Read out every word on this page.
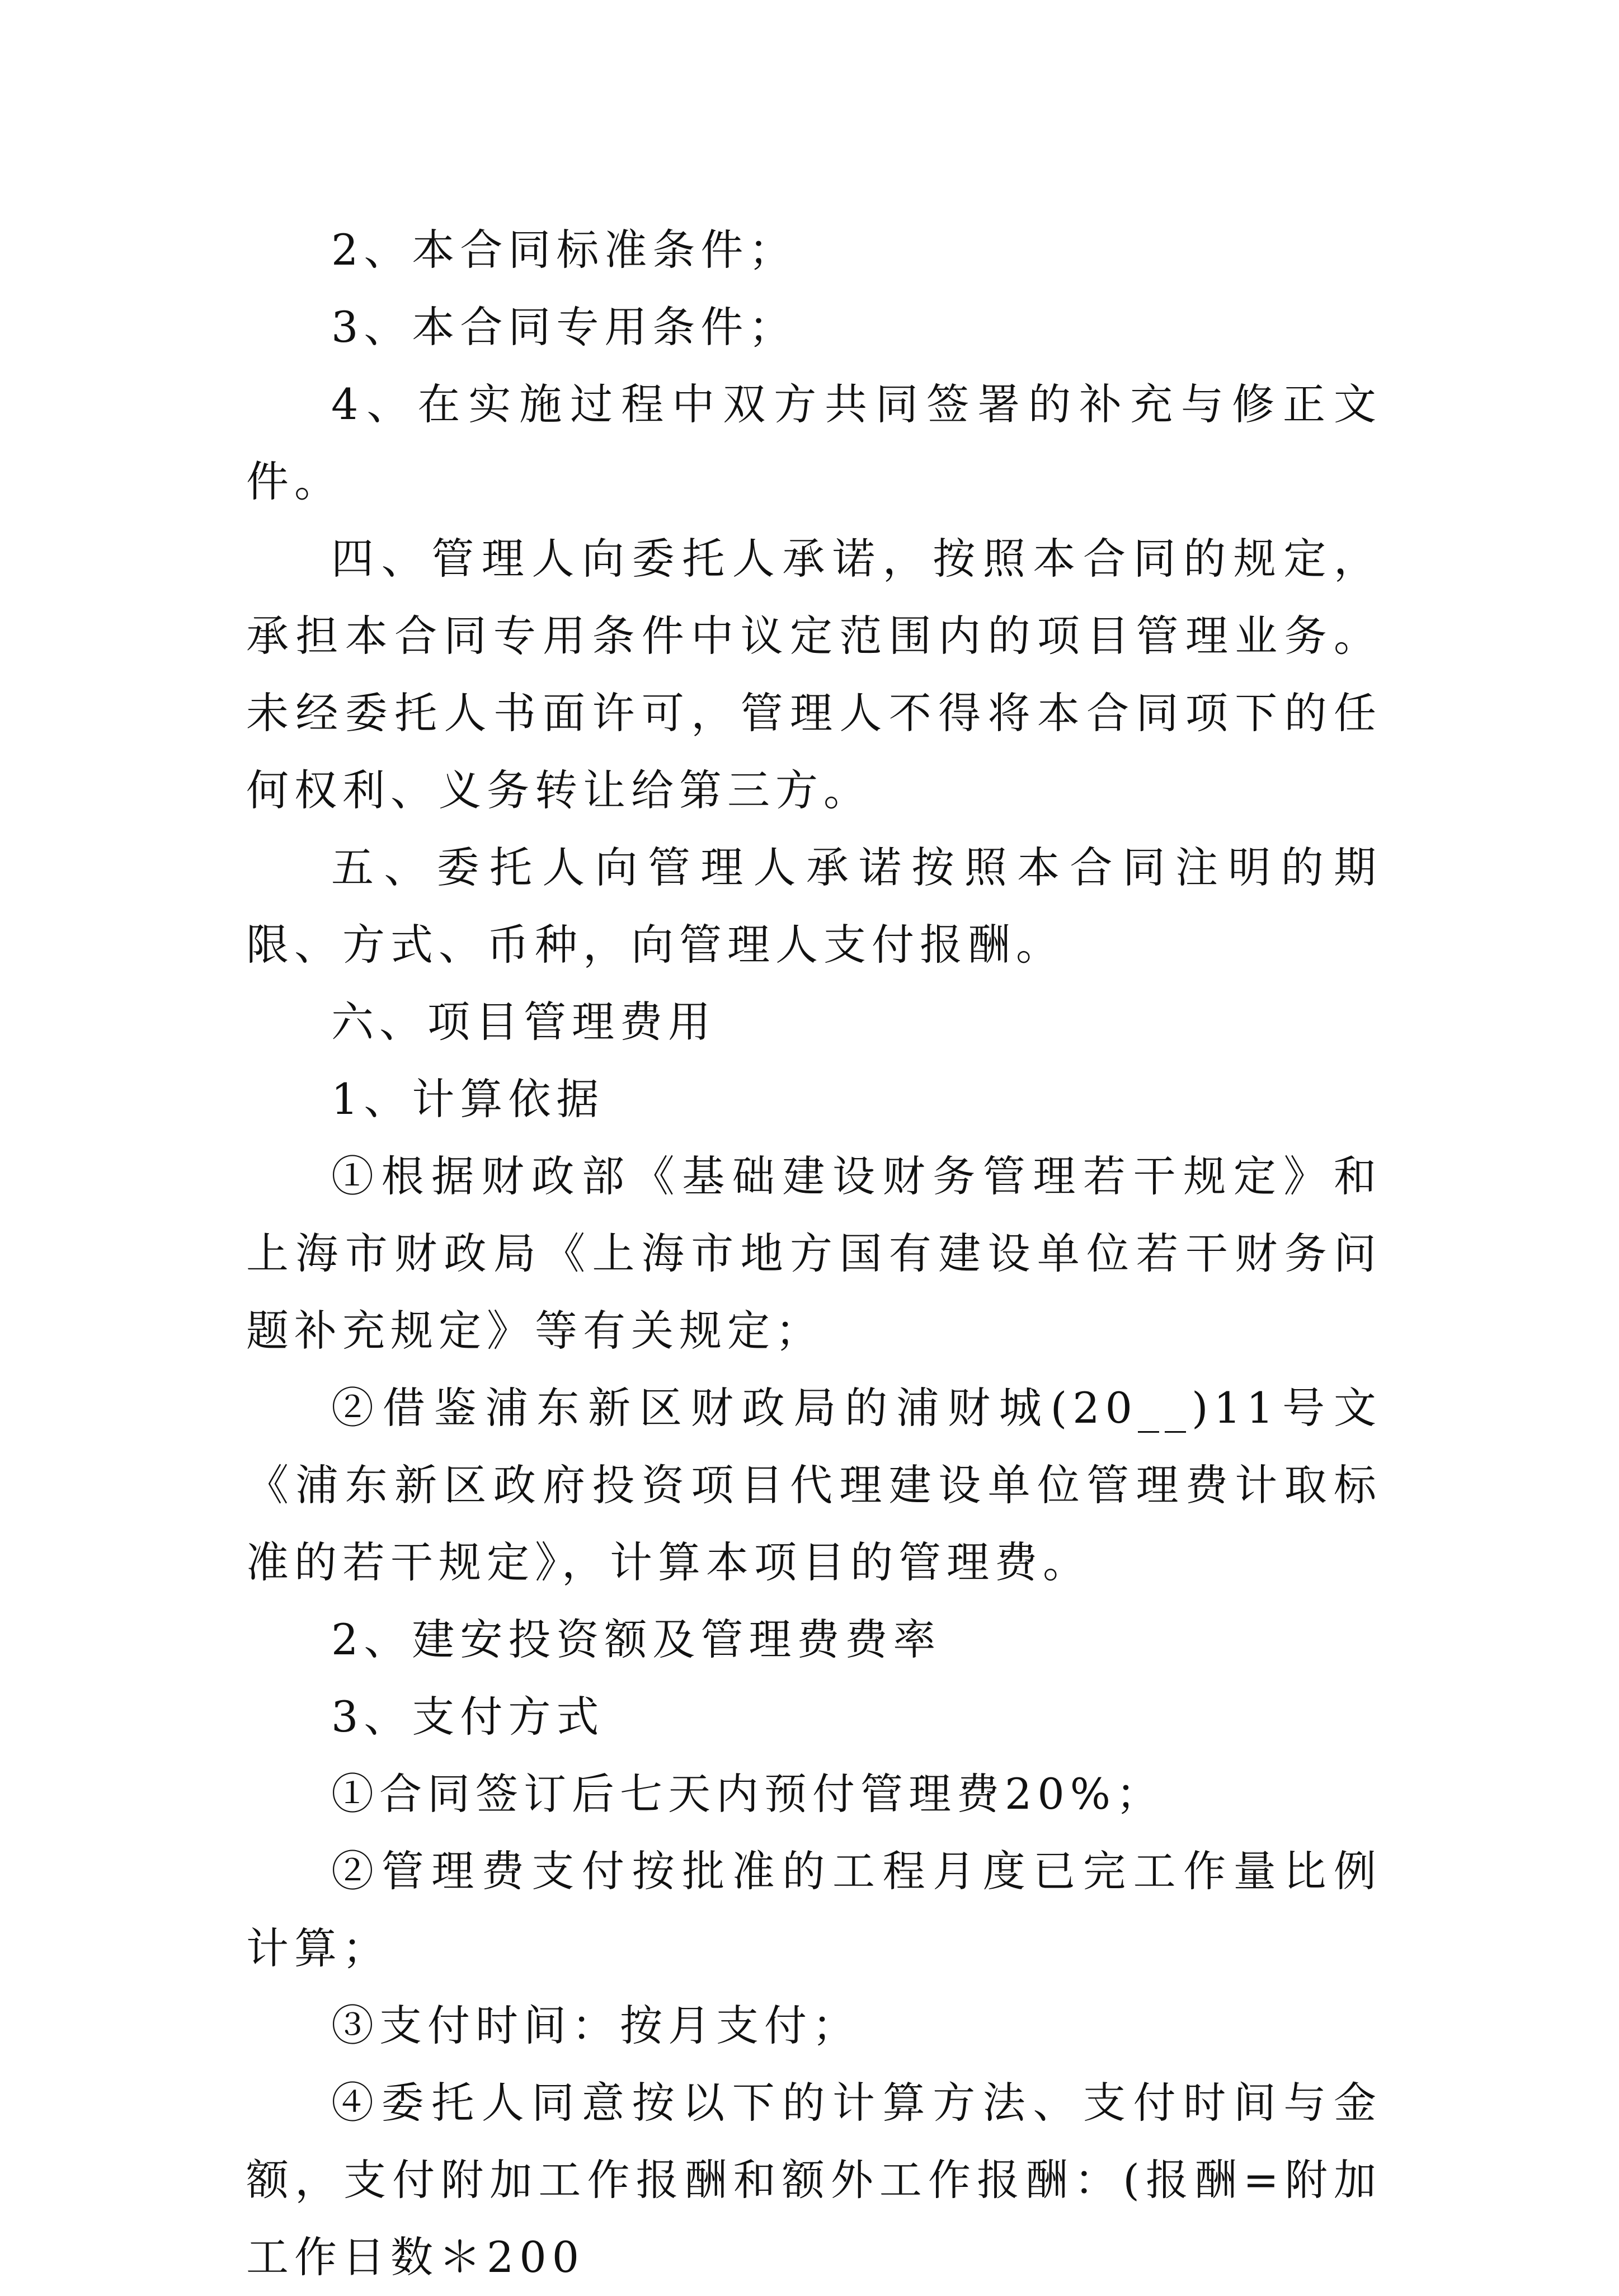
2、本合同标准条件；

3、本合同专用条件；

4、在实施过程中双方共同签署的补充与修正文件。

四、管理人向委托人承诺，按照本合同的规定，承担本合同专用条件中议定范围内的项目管理业务。未经委托人书面许可，管理人不得将本合同项下的任何权利、义务转让给第三方。

五、委托人向管理人承诺按照本合同注明的期限、方式、币种，向管理人支付报酬。

六、项目管理费用

1、计算依据

①根据财政部《基础建设财务管理若干规定》和上海市财政局《上海市地方国有建设单位若干财务问题补充规定》等有关规定；

②借鉴浦东新区财政局的浦财城(20__)11号文《浦东新区政府投资项目代理建设单位管理费计取标准的若干规定》，计算本项目的管理费。

2、建安投资额及管理费费率

3、支付方式

①合同签订后七天内预付管理费20%；

②管理费支付按批准的工程月度已完工作量比例计算；

③支付时间：按月支付；

④委托人同意按以下的计算方法、支付时间与金额，支付附加工作报酬和额外工作报酬：(报酬=附加工作日数＊200
